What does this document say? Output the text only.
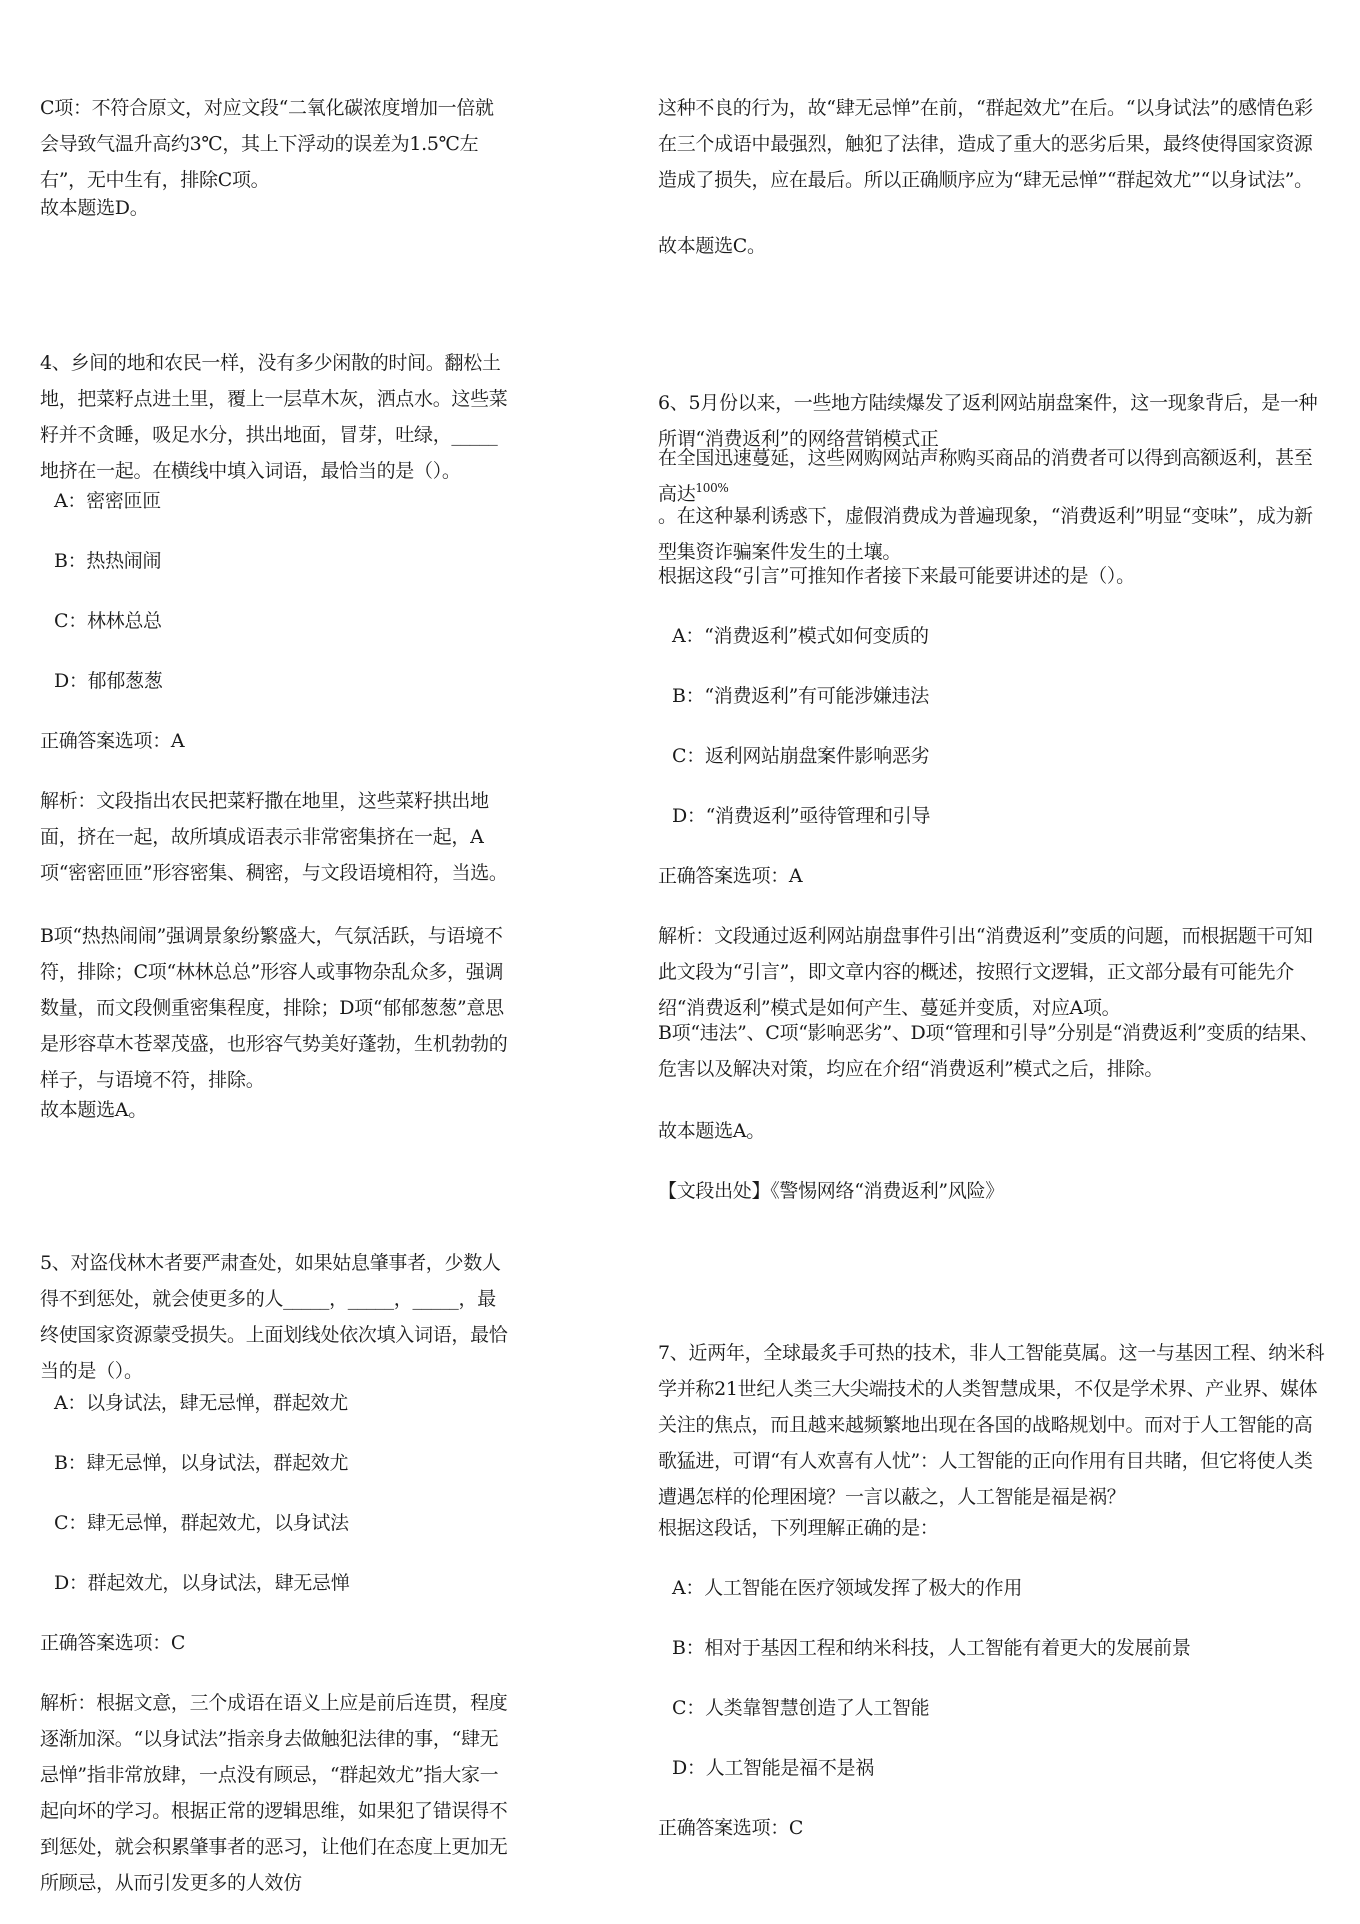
C项：不符合原文，对应文段“二氧化碳浓度增加一倍就会导致气温升高约3℃，其上下浮动的误差为1.5℃左右”，无中生有，排除C项。

故本题选D。

4、乡间的地和农民一样，没有多少闲散的时间。翻松土地，把菜籽点进土里，覆上一层草木灰，洒点水。这些菜籽并不贪睡，吸足水分，拱出地面，冒芽，吐绿，_____地挤在一起。在横线中填入词语，最恰当的是（）。

A：密密匝匝

B：热热闹闹

C：林林总总

D：郁郁葱葱

正确答案选项：A

解析：文段指出农民把菜籽撒在地里，这些菜籽拱出地面，挤在一起，故所填成语表示非常密集挤在一起，A项“密密匝匝”形容密集、稠密，与文段语境相符，当选。

B项“热热闹闹”强调景象纷繁盛大，气氛活跃，与语境不符，排除；C项“林林总总”形容人或事物杂乱众多，强调数量，而文段侧重密集程度，排除；D项“郁郁葱葱”意思是形容草木苍翠茂盛，也形容气势美好蓬勃，生机勃勃的样子，与语境不符，排除。

故本题选A。

5、对盗伐林木者要严肃查处，如果姑息肇事者，少数人得不到惩处，就会使更多的人_____，_____，_____，最终使国家资源蒙受损失。上面划线处依次填入词语，最恰当的是（）。

A：以身试法，肆无忌惮，群起效尤

B：肆无忌惮，以身试法，群起效尤

C：肆无忌惮，群起效尤，以身试法

D：群起效尤，以身试法，肆无忌惮

正确答案选项：C

解析：根据文意，三个成语在语义上应是前后连贯，程度逐渐加深。“以身试法”指亲身去做触犯法律的事，“肆无忌惮”指非常放肆，一点没有顾忌，“群起效尤”指大家一起向坏的学习。根据正常的逻辑思维，如果犯了错误得不到惩处，就会积累肇事者的恶习，让他们在态度上更加无所顾忌，从而引发更多的人效仿

这种不良的行为，故“肆无忌惮”在前，“群起效尤”在后。“以身试法”的感情色彩在三个成语中最强烈，触犯了法律，造成了重大的恶劣后果，最终使得国家资源造成了损失，应在最后。所以正确顺序应为“肆无忌惮”“群起效尤”“以身试法”。

故本题选C。

6、5月份以来，一些地方陆续爆发了返利网站崩盘案件，这一现象背后，是一种所谓“消费返利”的网络营销模式正

在全国迅速蔓延，这些网购网站声称购买商品的消费者可以得到高额返利，甚至高达$^{100\%}$

。在这种暴利诱惑下，虚假消费成为普遍现象，“消费返利”明显“变味”，成为新型集资诈骗案件发生的土壤。

根据这段“引言”可推知作者接下来最可能要讲述的是（）。

A：“消费返利”模式如何变质的

B：“消费返利”有可能涉嫌违法

C：返利网站崩盘案件影响恶劣

D：“消费返利”亟待管理和引导

正确答案选项：A

解析：文段通过返利网站崩盘事件引出“消费返利”变质的问题，而根据题干可知此文段为“引言”，即文章内容的概述，按照行文逻辑，正文部分最有可能先介绍“消费返利”模式是如何产生、蔓延并变质，对应A项。

B项“违法”、C项“影响恶劣”、D项“管理和引导”分别是“消费返利”变质的结果、危害以及解决对策，均应在介绍“消费返利”模式之后，排除。

故本题选A。

【文段出处】《警惕网络“消费返利”风险》

7、近两年，全球最炙手可热的技术，非人工智能莫属。这一与基因工程、纳米科学并称21世纪人类三大尖端技术的人类智慧成果，不仅是学术界、产业界、媒体关注的焦点，而且越来越频繁地出现在各国的战略规划中。而对于人工智能的高歌猛进，可谓“有人欢喜有人忧”：人工智能的正向作用有目共睹，但它将使人类遭遇怎样的伦理困境？一言以蔽之，人工智能是福是祸？

根据这段话，下列理解正确的是：

A：人工智能在医疗领域发挥了极大的作用

B：相对于基因工程和纳米科技，人工智能有着更大的发展前景

C：人类靠智慧创造了人工智能

D：人工智能是福不是祸

正确答案选项：C
